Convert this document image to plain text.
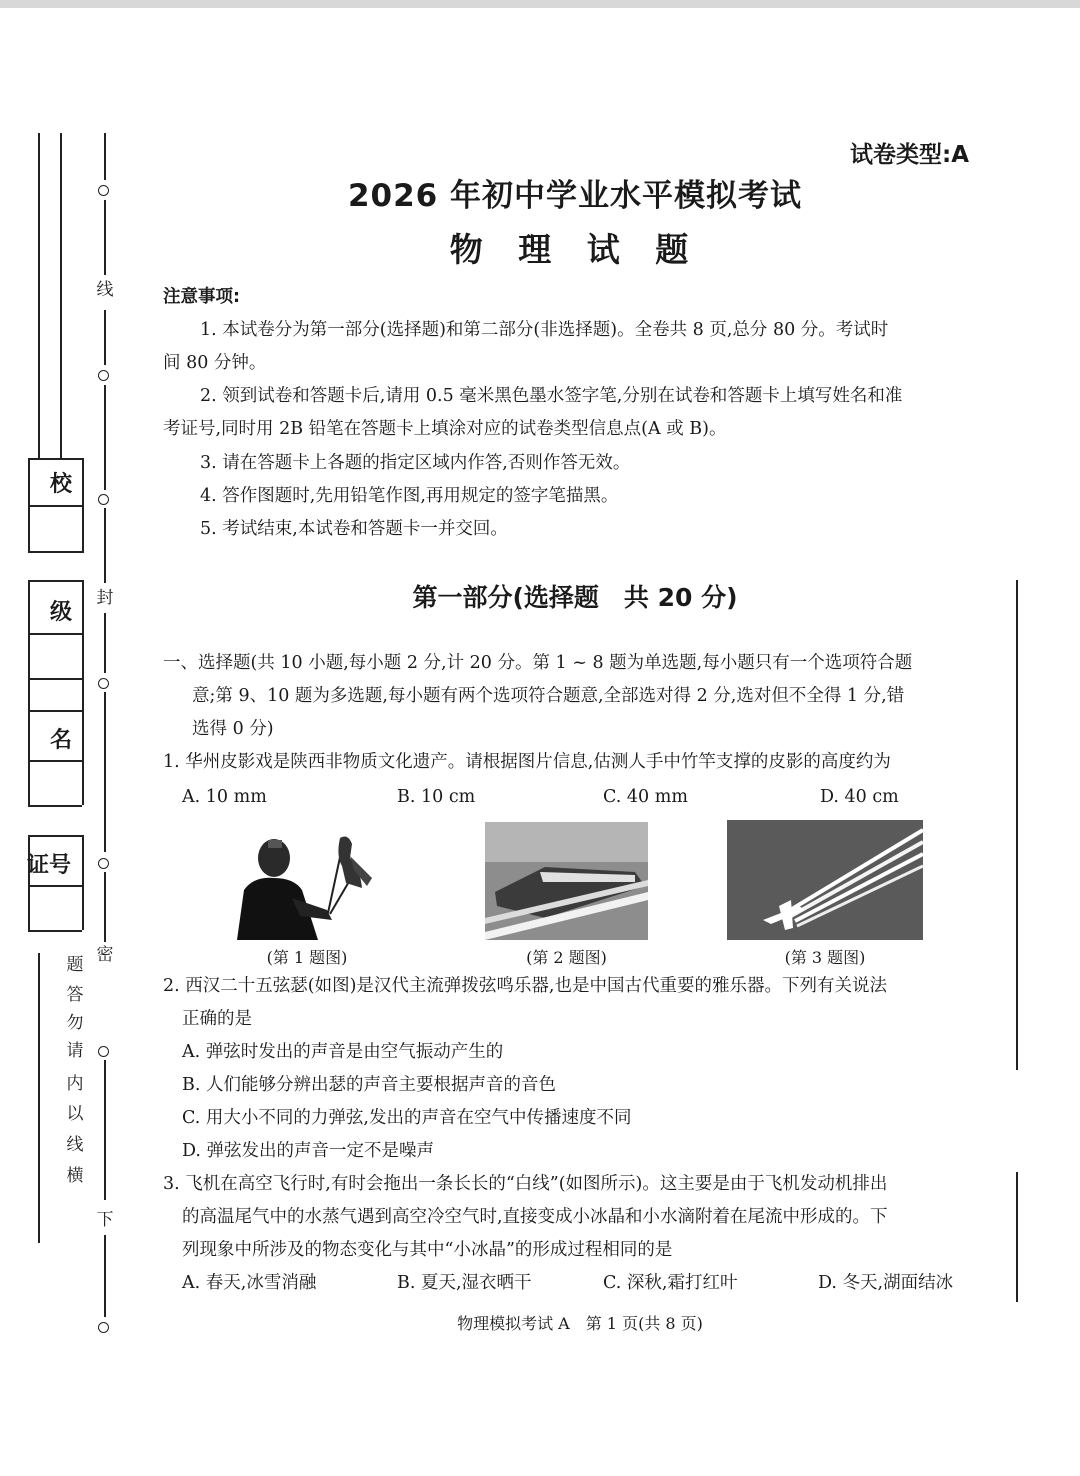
线
封
密
题
答
勿
请
内
以
线
横
下
校
级
名
证号
试卷类型:A
2026 年初中学业水平模拟考试
物 理 试 题
注意事项:
1. 本试卷分为第一部分(选择题)和第二部分(非选择题)。全卷共 8 页,总分 80 分。考试时
间 80 分钟。
2. 领到试卷和答题卡后,请用 0.5 毫米黑色墨水签字笔,分别在试卷和答题卡上填写姓名和准
考证号,同时用 2B 铅笔在答题卡上填涂对应的试卷类型信息点(A 或 B)。
3. 请在答题卡上各题的指定区域内作答,否则作答无效。
4. 答作图题时,先用铅笔作图,再用规定的签字笔描黑。
5. 考试结束,本试卷和答题卡一并交回。
第一部分(选择题　共 20 分)
一、选择题(共 10 小题,每小题 2 分,计 20 分。第 1 ~ 8 题为单选题,每小题只有一个选项符合题
意;第 9、10 题为多选题,每小题有两个选项符合题意,全部选对得 2 分,选对但不全得 1 分,错
选得 0 分)
1. 华州皮影戏是陕西非物质文化遗产。请根据图片信息,估测人手中竹竿支撑的皮影的高度约为
A. 10 mm	B. 10 cm	C. 40 mm	D. 40 cm
(第 1 题图)	(第 2 题图)	(第 3 题图)
2. 西汉二十五弦瑟(如图)是汉代主流弹拨弦鸣乐器,也是中国古代重要的雅乐器。下列有关说法
正确的是
A. 弹弦时发出的声音是由空气振动产生的
B. 人们能够分辨出瑟的声音主要根据声音的音色
C. 用大小不同的力弹弦,发出的声音在空气中传播速度不同
D. 弹弦发出的声音一定不是噪声
3. 飞机在高空飞行时,有时会拖出一条长长的“白线”(如图所示)。这主要是由于飞机发动机排出
的高温尾气中的水蒸气遇到高空冷空气时,直接变成小冰晶和小水滴附着在尾流中形成的。下
列现象中所涉及的物态变化与其中“小冰晶”的形成过程相同的是
A. 春天,冰雪消融	B. 夏天,湿衣晒干	C. 深秋,霜打红叶	D. 冬天,湖面结冰
物理模拟考试 A　第 1 页(共 8 页)
